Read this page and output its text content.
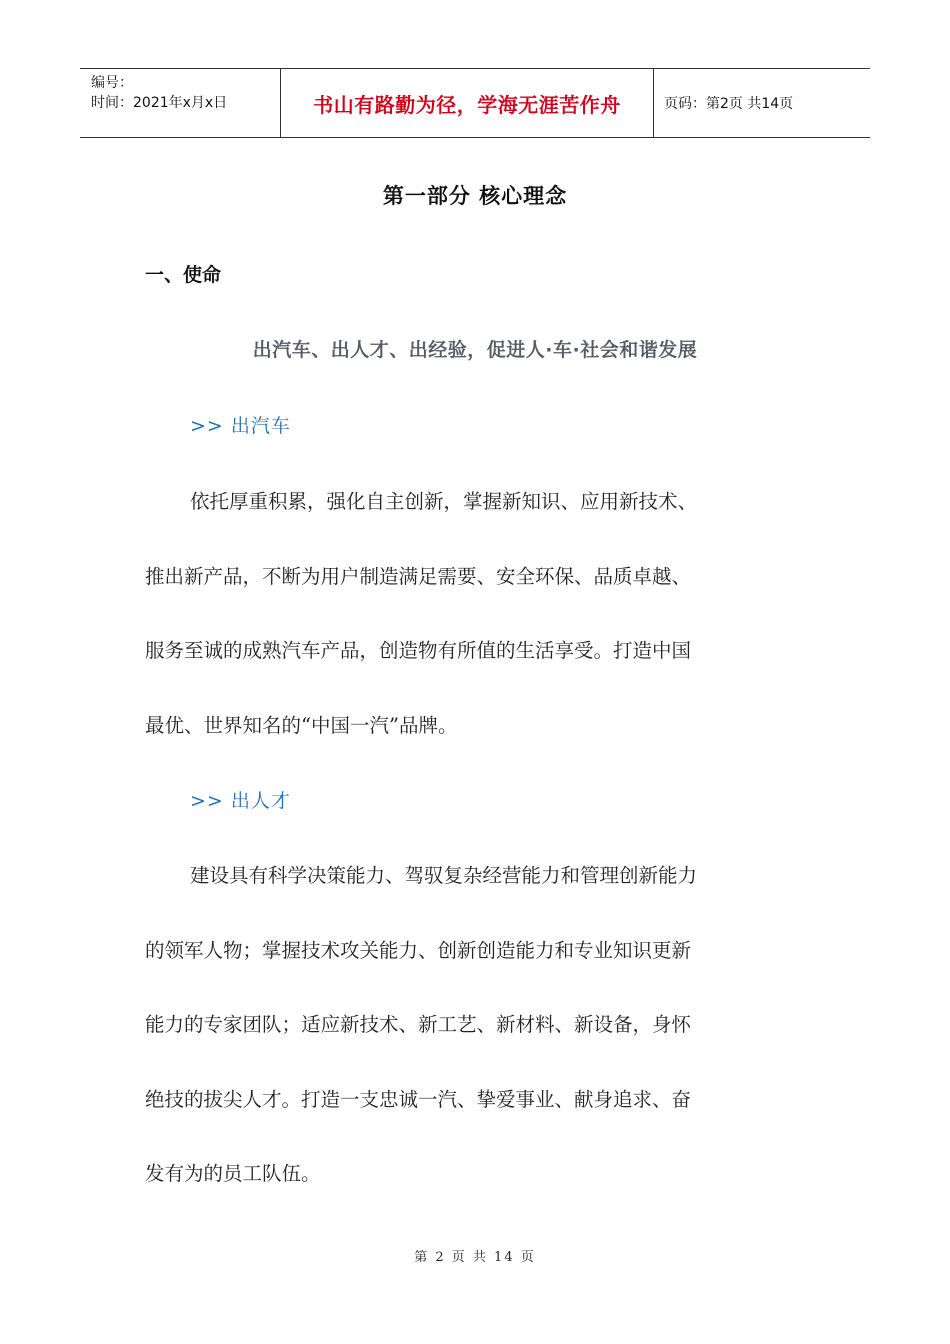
编号：
时间：2021年x月x日	书山有路勤为径，学海无涯苦作舟	页码：第2页 共14页
第一部分 核心理念
一、使命
出汽车、出人才、出经验，促进人·车·社会和谐发展
>> 出汽车
依托厚重积累，强化自主创新，掌握新知识、应用新技术、
推出新产品，不断为用户制造满足需要、安全环保、品质卓越、
服务至诚的成熟汽车产品，创造物有所值的生活享受。打造中国
最优、世界知名的“中国一汽”品牌。
>> 出人才
建设具有科学决策能力、驾驭复杂经营能力和管理创新能力
的领军人物；掌握技术攻关能力、创新创造能力和专业知识更新
能力的专家团队；适应新技术、新工艺、新材料、新设备，身怀
绝技的拔尖人才。打造一支忠诚一汽、挚爱事业、献身追求、奋
发有为的员工队伍。
第 2 页 共 14 页
